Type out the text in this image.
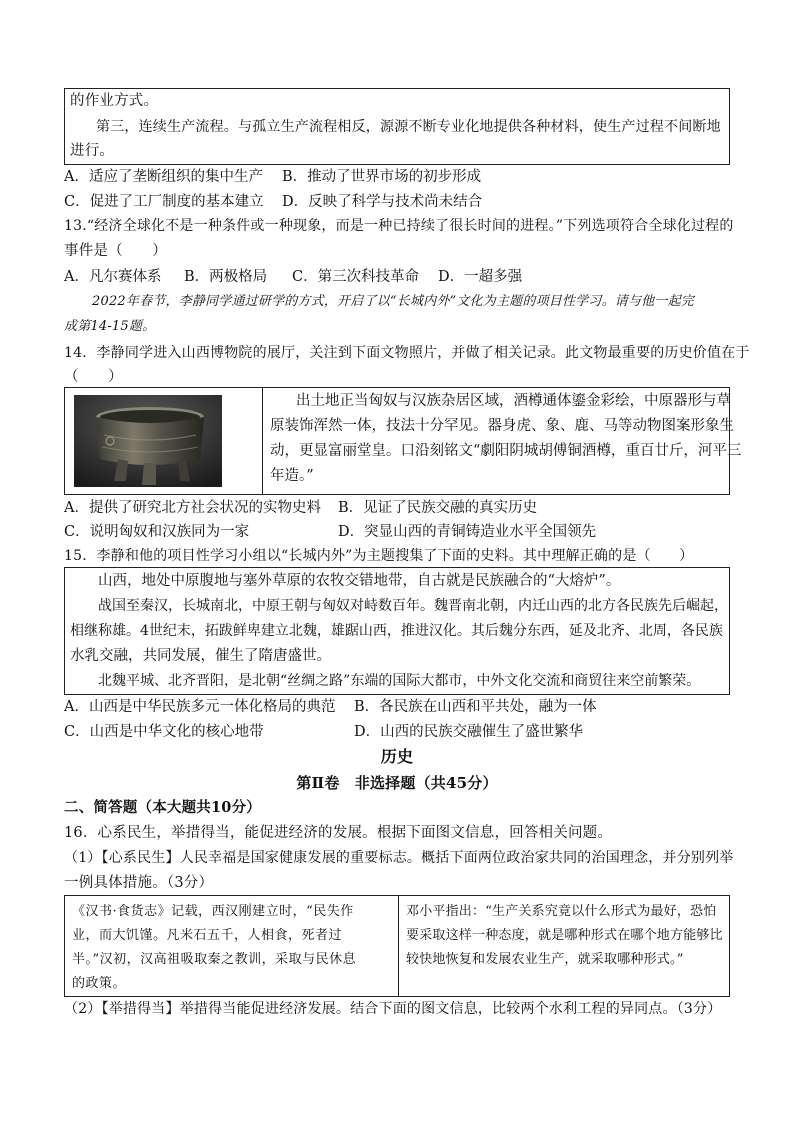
的作业方式。
第三，连续生产流程。与孤立生产流程相反，源源不断专业化地提供各种材料，使生产过程不间断地
进行。
A．适应了垄断组织的集中生产 B．推动了世界市场的初步形成
C．促进了工厂制度的基本建立 D．反映了科学与技术尚未结合
13.“经济全球化不是一种条件或一种现象，而是一种已持续了很长时间的进程。”下列选项符合全球化过程的
事件是（　　）
A．凡尔赛体系 B．两极格局 C．第三次科技革命 D．一超多强
2022年春节，李静同学通过研学的方式，开启了以“长城内外”文化为主题的项目性学习。请与他一起完
成第14-15题。
14．李静同学进入山西博物院的展厅，关注到下面文物照片，并做了相关记录。此文物最重要的历史价值在于
（　　）
出土地正当匈奴与汉族杂居区域，酒樽通体鎏金彩绘，中原器形与草
原装饰浑然一体，技法十分罕见。器身虎、象、鹿、马等动物图案形象生
动，更显富丽堂皇。口沿刻铭文“劇阳阴城胡傅铜酒樽，重百廿斤，河平三
年造。”
A．提供了研究北方社会状况的实物史料 B．见证了民族交融的真实历史
C．说明匈奴和汉族同为一家	D．突显山西的青铜铸造业水平全国领先
15．李静和他的项目性学习小组以“长城内外”为主题搜集了下面的史料。其中理解正确的是（　　）
山西，地处中原腹地与塞外草原的农牧交错地带，自古就是民族融合的“大熔炉”。
战国至秦汉，长城南北，中原王朝与匈奴对峙数百年。魏晋南北朝，内迁山西的北方各民族先后崛起，
相继称雄。4世纪末，拓跋鲜卑建立北魏，雄踞山西，推进汉化。其后魏分东西，延及北齐、北周，各民族
水乳交融，共同发展，催生了隋唐盛世。
北魏平城、北齐晋阳，是北朝“丝绸之路”东端的国际大都市，中外文化交流和商贸往来空前繁荣。
A．山西是中华民族多元一体化格局的典范 B．各民族在山西和平共处，融为一体
C．山西是中华文化的核心地带	D．山西的民族交融催生了盛世繁华
历史
第Ⅱ卷　非选择题（共45分）
二、简答题（本大题共10分）
16．心系民生，举措得当，能促进经济的发展。根据下面图文信息，回答相关问题。
（1）【心系民生】人民幸福是国家健康发展的重要标志。概括下面两位政治家共同的治国理念，并分别列举
一例具体措施。（3分）
《汉书·食货志》记载，西汉刚建立时，“民失作
业，而大饥馑。凡米石五千，人相食，死者过
半。”汉初，汉高祖吸取秦之教训，采取与民休息
的政策。
邓小平指出：“生产关系究竟以什么形式为最好，恐怕
要采取这样一种态度，就是哪种形式在哪个地方能够比
较快地恢复和发展农业生产，就采取哪种形式。”
（2）【举措得当】举措得当能促进经济发展。结合下面的图文信息，比较两个水利工程的异同点。（3分）
